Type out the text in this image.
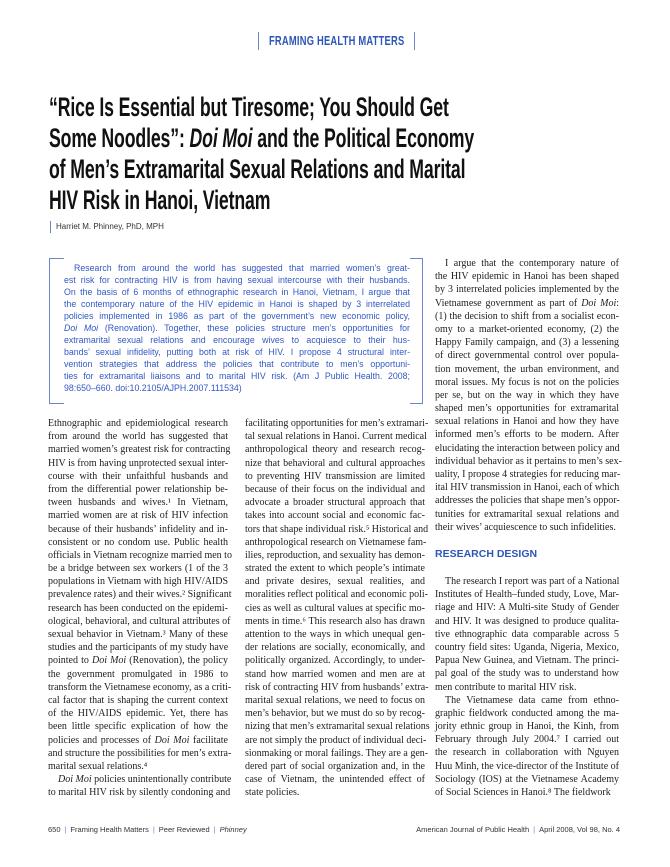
FRAMING HEALTH MATTERS
“Rice Is Essential but Tiresome; You Should Get
Some Noodles”: Doi Moi and the Political Economy
of Men’s Extramarital Sexual Relations and Marital
HIV Risk in Hanoi, Vietnam
Harriet M. Phinney, PhD, MPH
Research from around the world has suggested that married women’s great-
est risk for contracting HIV is from having sexual intercourse with their husbands.
On the basis of 6 months of ethnographic research in Hanoi, Vietnam, I argue that
the contemporary nature of the HIV epidemic in Hanoi is shaped by 3 interrelated
policies implemented in 1986 as part of the government’s new economic policy,
Doi Moi (Renovation). Together, these policies structure men’s opportunities for
extramarital sexual relations and encourage wives to acquiesce to their hus-
bands’ sexual infidelity, putting both at risk of HIV. I propose 4 structural inter-
vention strategies that address the policies that contribute to men’s opportuni-
ties for extramarital liaisons and to marital HIV risk. (Am J Public Health. 2008;
98:650–660. doi:10.2105/AJPH.2007.111534)
Ethnographic and epidemiological research
from around the world has suggested that
married women’s greatest risk for contracting
HIV is from having unprotected sexual inter-
course with their unfaithful husbands and
from the differential power relationship be-
tween husbands and wives.¹ In Vietnam,
married women are at risk of HIV infection
because of their husbands’ infidelity and in-
consistent or no condom use. Public health
officials in Vietnam recognize married men to
be a bridge between sex workers (1 of the 3
populations in Vietnam with high HIV/AIDS
prevalence rates) and their wives.² Significant
research has been conducted on the epidemi-
ological, behavioral, and cultural attributes of
sexual behavior in Vietnam.³ Many of these
studies and the participants of my study have
pointed to Doi Moi (Renovation), the policy
the government promulgated in 1986 to
transform the Vietnamese economy, as a criti-
cal factor that is shaping the current context
of the HIV/AIDS epidemic. Yet, there has
been little specific explication of how the
policies and processes of Doi Moi facilitate
and structure the possibilities for men’s extra-
marital sexual relations.⁴
Doi Moi policies unintentionally contribute
to marital HIV risk by silently condoning and
facilitating opportunities for men’s extramari-
tal sexual relations in Hanoi. Current medical
anthropological theory and research recog-
nize that behavioral and cultural approaches
to preventing HIV transmission are limited
because of their focus on the individual and
advocate a broader structural approach that
takes into account social and economic fac-
tors that shape individual risk.⁵ Historical and
anthropological research on Vietnamese fam-
ilies, reproduction, and sexuality has demon-
strated the extent to which people’s intimate
and private desires, sexual realities, and
moralities reflect political and economic poli-
cies as well as cultural values at specific mo-
ments in time.⁶ This research also has drawn
attention to the ways in which unequal gen-
der relations are socially, economically, and
politically organized. Accordingly, to under-
stand how married women and men are at
risk of contracting HIV from husbands’ extra-
marital sexual relations, we need to focus on
men’s behavior, but we must do so by recog-
nizing that men’s extramarital sexual relations
are not simply the product of individual deci-
sionmaking or moral failings. They are a gen-
dered part of social organization and, in the
case of Vietnam, the unintended effect of
state policies.
I argue that the contemporary nature of
the HIV epidemic in Hanoi has been shaped
by 3 interrelated policies implemented by the
Vietnamese government as part of Doi Moi:
(1) the decision to shift from a socialist econ-
omy to a market-oriented economy, (2) the
Happy Family campaign, and (3) a lessening
of direct governmental control over popula-
tion movement, the urban environment, and
moral issues. My focus is not on the policies
per se, but on the way in which they have
shaped men’s opportunities for extramarital
sexual relations in Hanoi and how they have
informed men’s efforts to be modern. After
elucidating the interaction between policy and
individual behavior as it pertains to men’s sex-
uality, I propose 4 strategies for reducing mar-
ital HIV transmission in Hanoi, each of which
addresses the policies that shape men’s oppor-
tunities for extramarital sexual relations and
their wives’ acquiescence to such infidelities.
RESEARCH DESIGN
The research I report was part of a National
Institutes of Health–funded study, Love, Mar-
riage and HIV: A Multi-site Study of Gender
and HIV. It was designed to produce qualita-
tive ethnographic data comparable across 5
country field sites: Uganda, Nigeria, Mexico,
Papua New Guinea, and Vietnam. The princi-
pal goal of the study was to understand how
men contribute to marital HIV risk.
The Vietnamese data came from ethno-
graphic fieldwork conducted among the ma-
jority ethnic group in Hanoi, the Kinh, from
February through July 2004.⁷ I carried out
the research in collaboration with Nguyen
Huu Minh, the vice-director of the Institute of
Sociology (IOS) at the Vietnamese Academy
of Social Sciences in Hanoi.⁸ The fieldwork
650 | Framing Health Matters | Peer Reviewed | Phinney	American Journal of Public Health | April 2008, Vol 98, No. 4
